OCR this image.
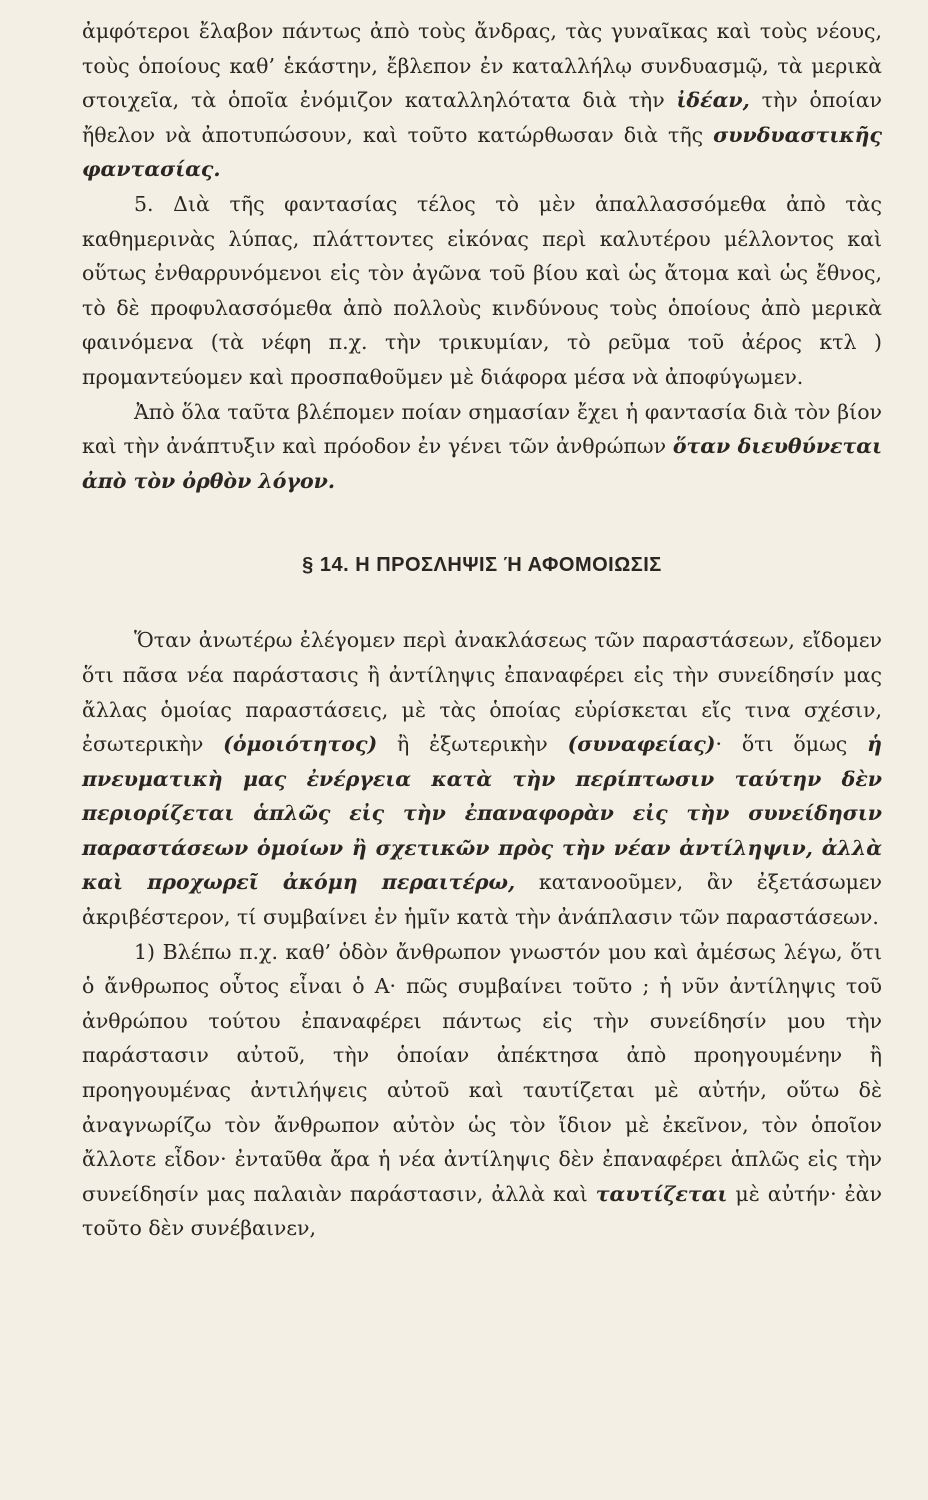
ἀμφότεροι ἔλαβον πάντως ἀπὸ τοὺς ἄνδρας, τὰς γυναῖκας καὶ τοὺς νέους, τοὺς ὁποίους καθ’ ἑκάστην, ἔβλεπον ἐν καταλλήλῳ συνδυασμῷ, τὰ μερικὰ στοιχεῖα, τὰ ὁποῖα ἐνόμιζον καταλληλότατα διὰ τὴν ἰδέαν, τὴν ὁποίαν ἤθελον νὰ ἀποτυπώσουν, καὶ τοῦτο κατώρθωσαν διὰ τῆς συνδυαστικῆς φαντασίας.

5. Διὰ τῆς φαντασίας τέλος τὸ μὲν ἀπαλλασσόμεθα ἀπὸ τὰς καθημερινὰς λύπας, πλάττοντες εἰκόνας περὶ καλυτέρου μέλλοντος καὶ οὕτως ἐνθαρρυνόμενοι εἰς τὸν ἀγῶνα τοῦ βίου καὶ ὡς ἄτομα καὶ ὡς ἔθνος, τὸ δὲ προφυλασσόμεθα ἀπὸ πολλοὺς κινδύνους τοὺς ὁποίους ἀπὸ μερικὰ φαινόμενα (τὰ νέφη π.χ. τὴν τρικυμίαν, τὸ ρεῦμα τοῦ ἀέρος κτλ ) προμαντεύομεν καὶ προσπαθοῦμεν μὲ διάφορα μέσα νὰ ἀποφύγωμεν.

Ἀπὸ ὅλα ταῦτα βλέπομεν ποίαν σημασίαν ἔχει ἡ φαντασία διὰ τὸν βίον καὶ τὴν ἀνάπτυξιν καὶ πρόοδον ἐν γένει τῶν ἀνθρώπων ὅταν διευθύνεται ἀπὸ τὸν ὀρθὸν λόγον.

§ 14. Η ΠΡΟΣΛΗΨΙΣ Ή ΑΦΟΜΟΙΩΣΙΣ

Ὅταν ἀνωτέρω ἐλέγομεν περὶ ἀνακλάσεως τῶν παραστάσεων, εἴδομεν ὅτι πᾶσα νέα παράστασις ἢ ἀντίληψις ἐπαναφέρει εἰς τὴν συνείδησίν μας ἄλλας ὁμοίας παραστάσεις, μὲ τὰς ὁποίας εὑρίσκεται εἴς τινα σχέσιν, ἐσωτερικὴν (ὁμοιότητος) ἢ ἐξωτερικὴν (συναφείας)· ὅτι ὅμως ἡ πνευματικὴ μας ἐνέργεια κατὰ τὴν περίπτωσιν ταύτην δὲν περιορίζεται ἁπλῶς εἰς τὴν ἐπαναφορὰν εἰς τὴν συνείδησιν παραστάσεων ὁμοίων ἢ σχετικῶν πρὸς τὴν νέαν ἀντίληψιν, ἀλλὰ καὶ προχωρεῖ ἀκόμη περαιτέρω, κατανοοῦμεν, ἂν ἐξετάσωμεν ἀκριβέστερον, τί συμβαίνει ἐν ἡμῖν κατὰ τὴν ἀνάπλασιν τῶν παραστάσεων.

1) Βλέπω π.χ. καθ’ ὁδὸν ἄνθρωπον γνωστόν μου καὶ ἀμέσως λέγω, ὅτι ὁ ἄνθρωπος οὗτος εἶναι ὁ Α· πῶς συμβαίνει τοῦτο ; ἡ νῦν ἀντίληψις τοῦ ἀνθρώπου τούτου ἐπαναφέρει πάντως εἰς τὴν συνείδησίν μου τὴν παράστασιν αὐτοῦ, τὴν ὁποίαν ἀπέκτησα ἀπὸ προηγουμένην ἢ προηγουμένας ἀντιλήψεις αὐτοῦ καὶ ταυτίζεται μὲ αὐτήν, οὕτω δὲ ἀναγνωρίζω τὸν ἄνθρωπον αὐτὸν ὡς τὸν ἴδιον μὲ ἐκεῖνον, τὸν ὁποῖον ἄλλοτε εἶδον· ἐνταῦθα ἄρα ἡ νέα ἀντίληψις δὲν ἐπαναφέρει ἁπλῶς εἰς τὴν συνείδησίν μας παλαιὰν παράστασιν, ἀλλὰ καὶ ταυτίζεται μὲ αὐτήν· ἐὰν τοῦτο δὲν συνέβαινεν,
